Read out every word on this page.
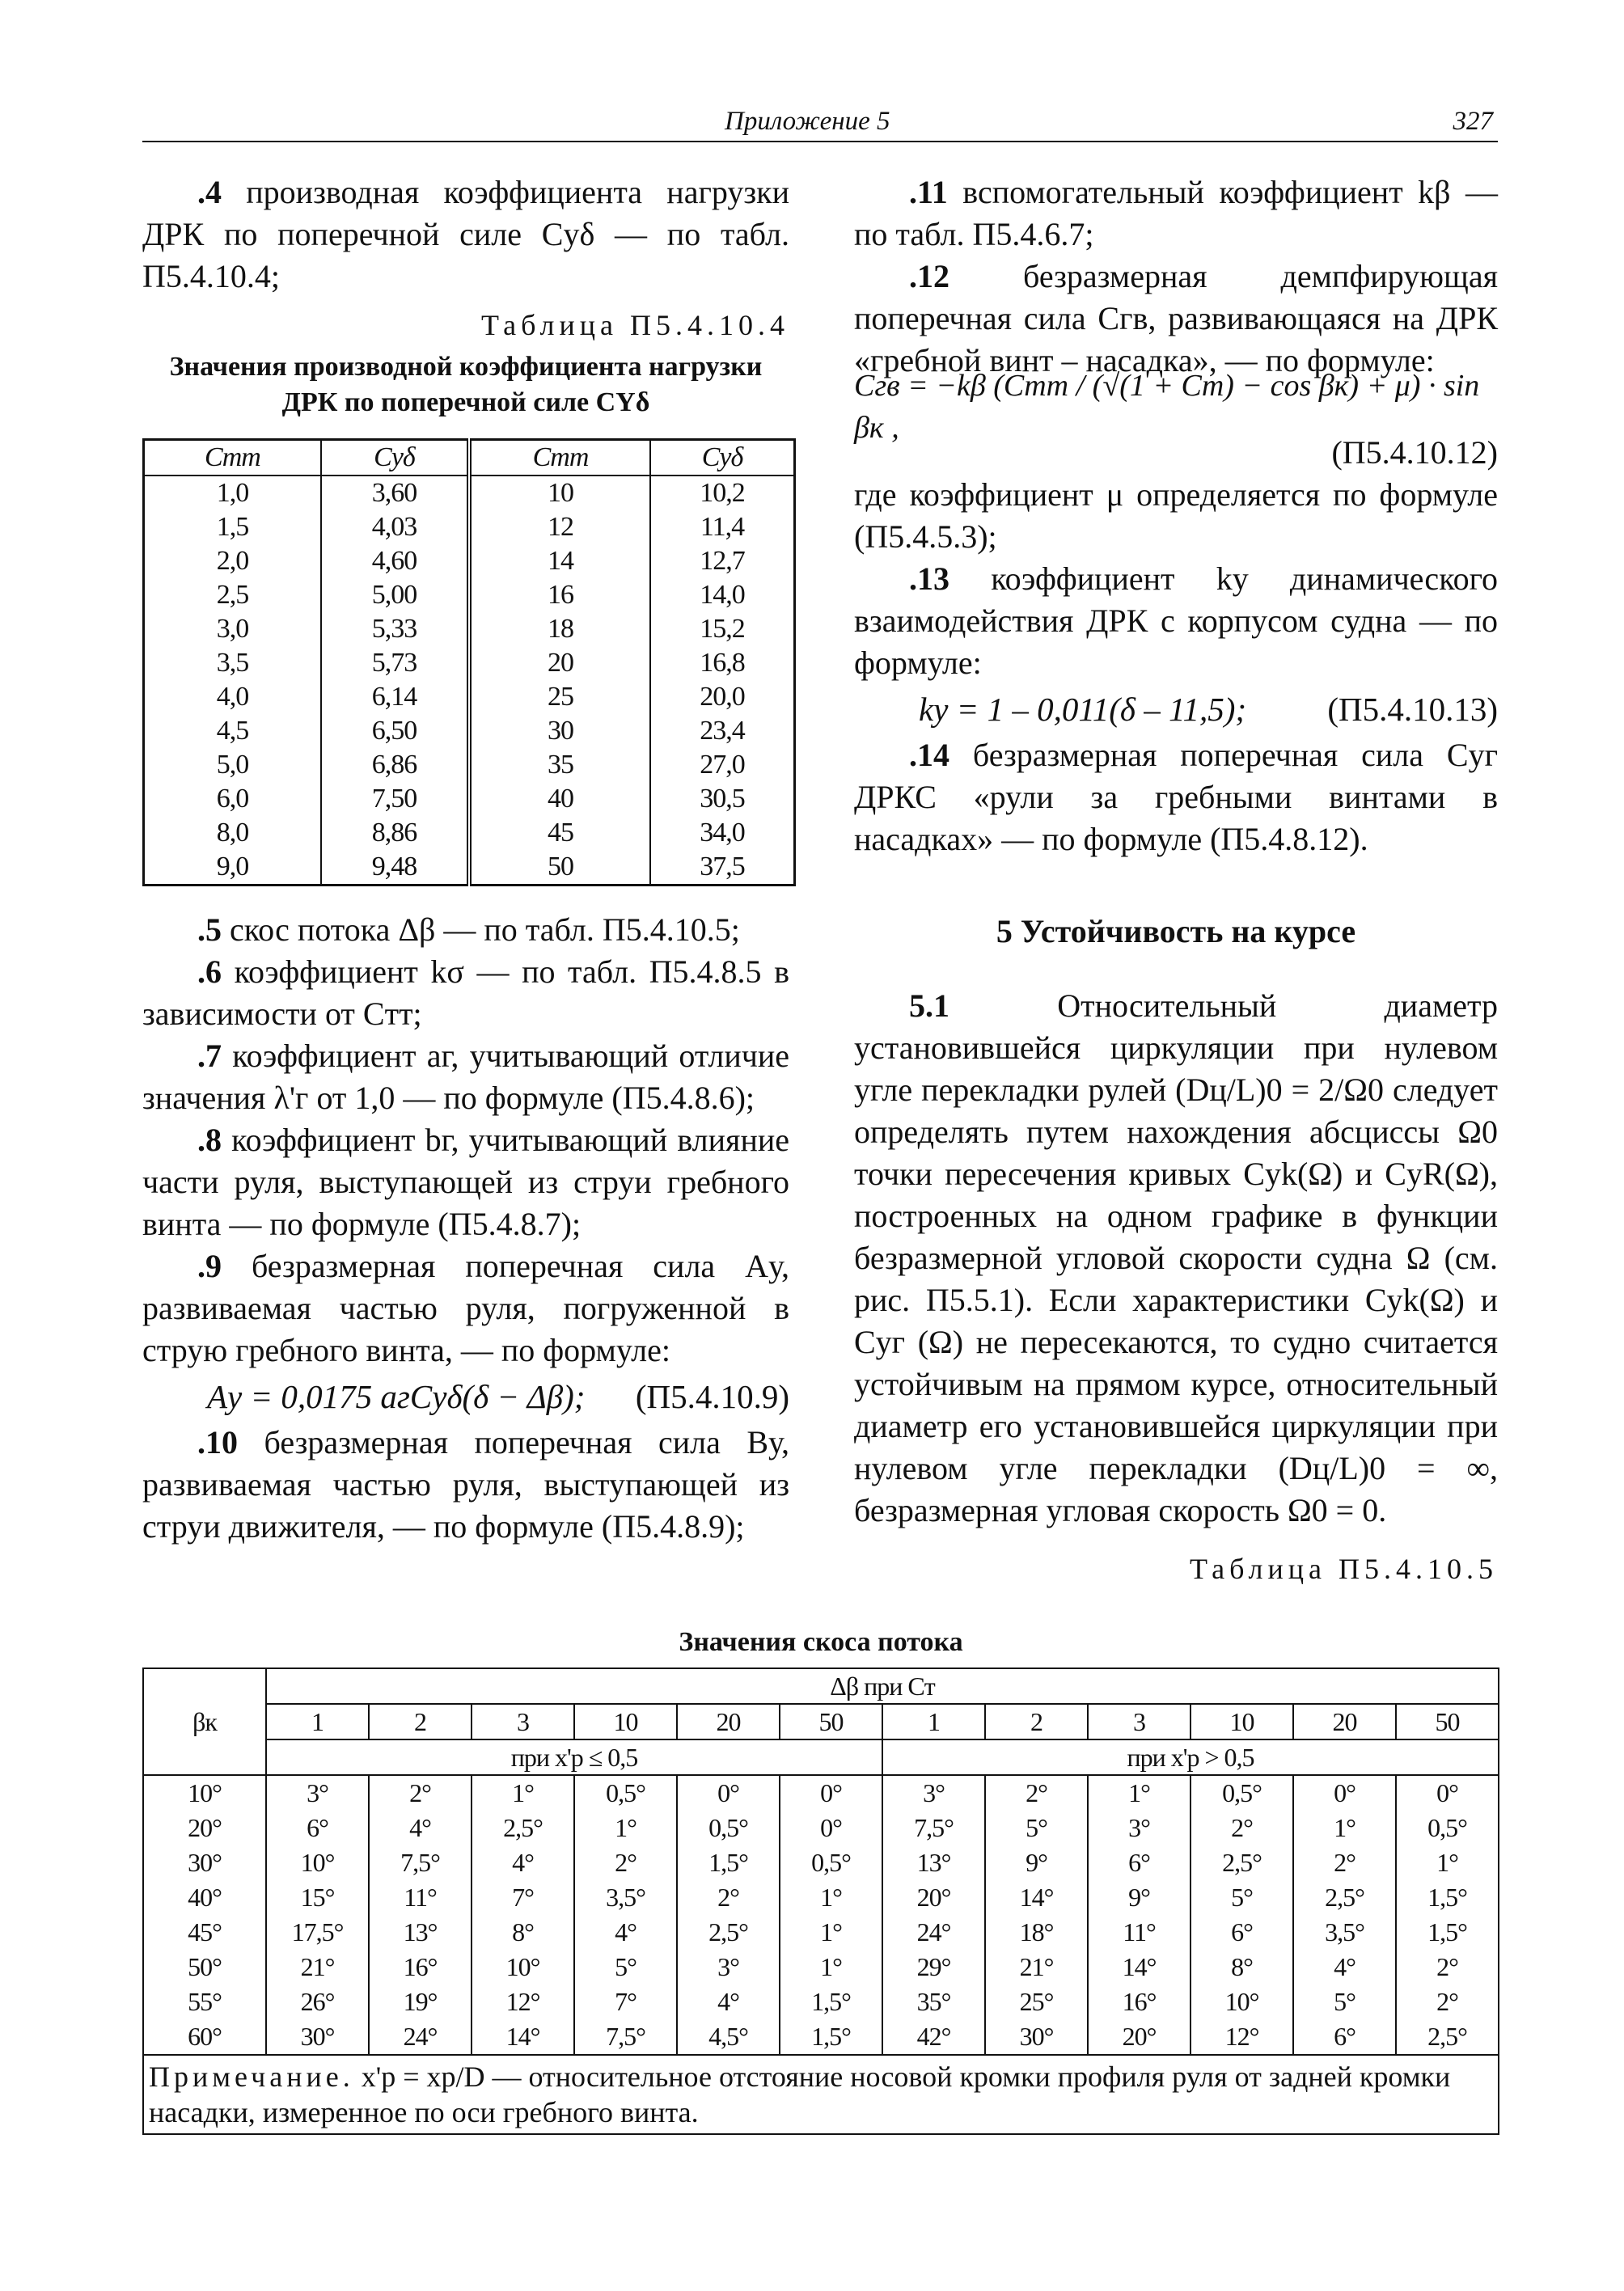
Приложение 5	327

.4 производная коэффициента нагрузки ДРК по поперечной силе Cуδ — по табл. П5.4.10.4;

Таблица П5.4.10.4
Значения производной коэффициента нагрузки
ДРК по поперечной силе CYδ
Cтт	Cуδ	Cтт	Cуδ
1,0	3,60	10	10,2
1,5	4,03	12	11,4
2,0	4,60	14	12,7
2,5	5,00	16	14,0
3,0	5,33	18	15,2
3,5	5,73	20	16,8
4,0	6,14	25	20,0
4,5	6,50	30	23,4
5,0	6,86	35	27,0
6,0	7,50	40	30,5
8,0	8,86	45	34,0
9,0	9,48	50	37,5

.5 скос потока Δβ — по табл. П5.4.10.5;

.6 коэффициент kσ — по табл. П5.4.8.5 в зависимости от Cтт;

.7 коэффициент aг, учитывающий отличие значения λ'г от 1,0 — по формуле (П5.4.8.6);

.8 коэффициент bг, учитывающий влияние части руля, выступающей из струи гребного винта — по формуле (П5.4.8.7);

.9 безразмерная поперечная сила Aу, развиваемая частью руля, погруженной в струю гребного винта, — по формуле:

Aу = 0,0175 aгCуδ(δ − Δβ); (П5.4.10.9)

.10 безразмерная поперечная сила Bу, развиваемая частью руля, выступающей из струи движителя, — по формуле (П5.4.8.9);

.11 вспомогательный коэффициент kβ — по табл. П5.4.6.7;

.12 безразмерная демпфирующая поперечная сила Cгв, развивающаяся на ДРК «гребной винт – насадка», — по формуле:

Cгв = −kβ (Cтт / (√(1 + Cт) − cos βк) + μ) · sin βк ,
(П5.4.10.12)

где коэффициент μ определяется по формуле (П5.4.5.3);

.13 коэффициент kу динамического взаимодействия ДРК с корпусом судна — по формуле:

kу = 1 – 0,011(δ – 11,5); (П5.4.10.13)

.14 безразмерная поперечная сила Cуг ДРКС «рули за гребными винтами в насадках» — по формуле (П5.4.8.12).

5 Устойчивость на курсе

5.1	Относительный диаметр установившейся циркуляции при нулевом угле перекладки рулей (Dц/L)0 = 2/Ω0 следует определять путем нахождения абсциссы Ω0 точки пересечения кривых Cуk(Ω) и CуR(Ω), построенных на одном графике в функции безразмерной угловой скорости судна Ω (см. рис. П5.5.1). Если характеристики Cуk(Ω) и Cуг (Ω) не пересекаются, то судно считается устойчивым на прямом курсе, относительный диаметр его установившейся циркуляции при нулевом угле перекладки (Dц/L)0 = ∞, безразмерная угловая скорость Ω0 = 0.

Таблица П5.4.10.5
Значения скоса потока
βк	Δβ при Cт											
	1	2	3	10	20	50	1	2	3	10	20	50
	при x'р ≤ 0,5						при x'р > 0,5					
10°	3°	2°	1°	0,5°	0°	0°	3°	2°	1°	0,5°	0°	0°
20°	6°	4°	2,5°	1°	0,5°	0°	7,5°	5°	3°	2°	1°	0,5°
30°	10°	7,5°	4°	2°	1,5°	0,5°	13°	9°	6°	2,5°	2°	1°
40°	15°	11°	7°	3,5°	2°	1°	20°	14°	9°	5°	2,5°	1,5°
45°	17,5°	13°	8°	4°	2,5°	1°	24°	18°	11°	6°	3,5°	1,5°
50°	21°	16°	10°	5°	3°	1°	29°	21°	14°	8°	4°	2°
55°	26°	19°	12°	7°	4°	1,5°	35°	25°	16°	10°	5°	2°
60°	30°	24°	14°	7,5°	4,5°	1,5°	42°	30°	20°	12°	6°	2,5°
Примечание. x'р = xр/D — относительное отстояние носовой кромки профиля руля от задней кромки насадки, измеренное по оси гребного винта.												
